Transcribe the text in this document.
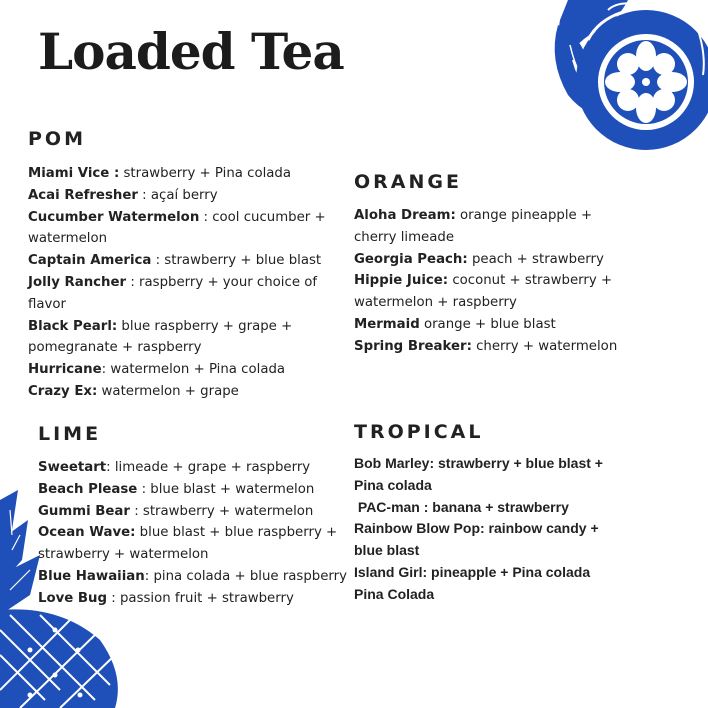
Loaded Tea
POM
Miami Vice : strawberry + Pina colada
Acai Refresher : açaí berry
Cucumber Watermelon : cool cucumber + watermelon
Captain America : strawberry + blue blast
Jolly Rancher : raspberry + your choice of flavor
Black Pearl: blue raspberry + grape + pomegranate + raspberry
Hurricane: watermelon + Pina colada
Crazy Ex: watermelon + grape
ORANGE
Aloha Dream: orange pineapple + cherry limeade
Georgia Peach: peach + strawberry
Hippie Juice: coconut + strawberry + watermelon + raspberry
Mermaid orange + blue blast
Spring Breaker: cherry + watermelon
LIME
Sweetart: limeade + grape + raspberry
Beach Please : blue blast + watermelon
Gummi Bear : strawberry + watermelon
Ocean Wave: blue blast + blue raspberry + strawberry + watermelon
Blue Hawaiian: pina colada + blue raspberry
Love Bug : passion fruit + strawberry
TROPICAL
Bob Marley: strawberry + blue blast + Pina colada
PAC-man : banana + strawberry
Rainbow Blow Pop: rainbow candy + blue blast
Island Girl: pineapple + Pina colada
Pina Colada
